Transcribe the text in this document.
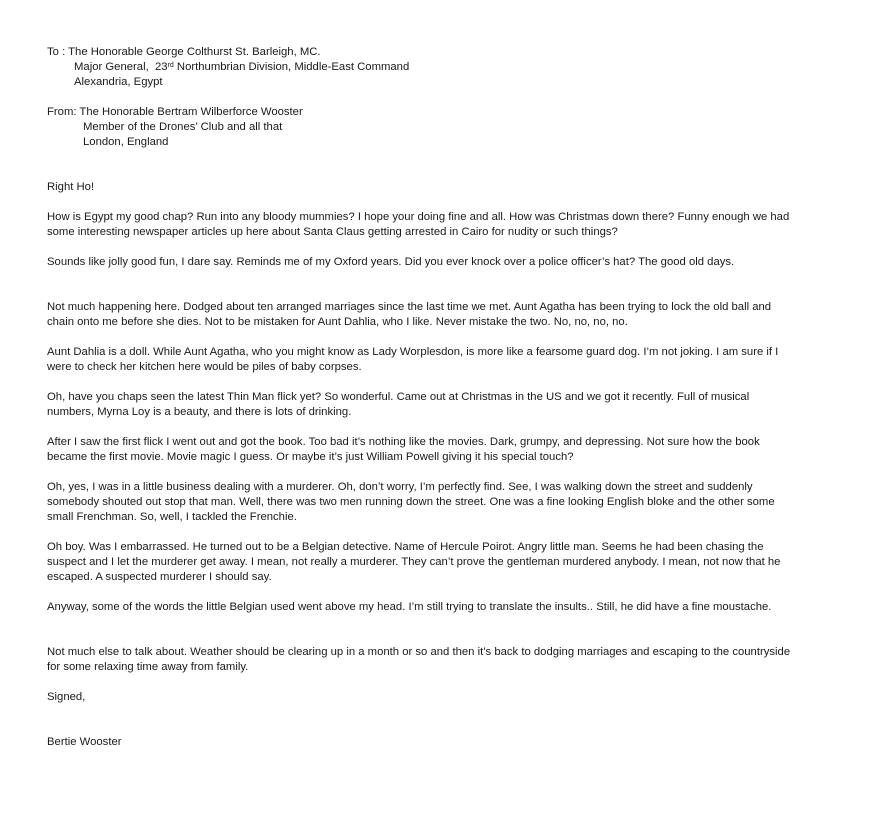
To : The Honorable George Colthurst St. Barleigh, MC.
Major General,  23rd Northumbrian Division, Middle-East Command
Alexandria, Egypt
From: The Honorable Bertram Wilberforce Wooster
Member of the Drones’ Club and all that
London, England
Right Ho!
How is Egypt my good chap? Run into any bloody mummies? I hope your doing fine and all. How was Christmas down there? Funny enough we had some interesting newspaper articles up here about Santa Claus getting arrested in Cairo for nudity or such things?
Sounds like jolly good fun, I dare say. Reminds me of my Oxford years. Did you ever knock over a police officer’s hat? The good old days.
Not much happening here. Dodged about ten arranged marriages since the last time we met. Aunt Agatha has been trying to lock the old ball and chain onto me before she dies. Not to be mistaken for Aunt Dahlia, who I like. Never mistake the two. No, no, no, no.
Aunt Dahlia is a doll. While Aunt Agatha, who you might know as Lady Worplesdon, is more like a fearsome guard dog. I’m not joking. I am sure if I were to check her kitchen here would be piles of baby corpses.
Oh, have you chaps seen the latest Thin Man flick yet? So wonderful. Came out at Christmas in the US and we got it recently. Full of musical numbers, Myrna Loy is a beauty, and there is lots of drinking.
After I saw the first flick I went out and got the book. Too bad it’s nothing like the movies. Dark, grumpy, and depressing. Not sure how the book became the first movie. Movie magic I guess. Or maybe it’s just William Powell giving it his special touch?
Oh, yes, I was in a little business dealing with a murderer. Oh, don’t worry, I’m perfectly find. See, I was walking down the street and suddenly somebody shouted out stop that man. Well, there was two men running down the street. One was a fine looking English bloke and the other some small Frenchman. So, well, I tackled the Frenchie.
Oh boy. Was I embarrassed. He turned out to be a Belgian detective. Name of Hercule Poirot. Angry little man. Seems he had been chasing the suspect and I let the murderer get away. I mean, not really a murderer. They can’t prove the gentleman murdered anybody. I mean, not now that he escaped. A suspected murderer I should say.
Anyway, some of the words the little Belgian used went above my head. I’m still trying to translate the insults.. Still, he did have a fine moustache.
Not much else to talk about. Weather should be clearing up in a month or so and then it’s back to dodging marriages and escaping to the countryside for some relaxing time away from family.
Signed,
Bertie Wooster
